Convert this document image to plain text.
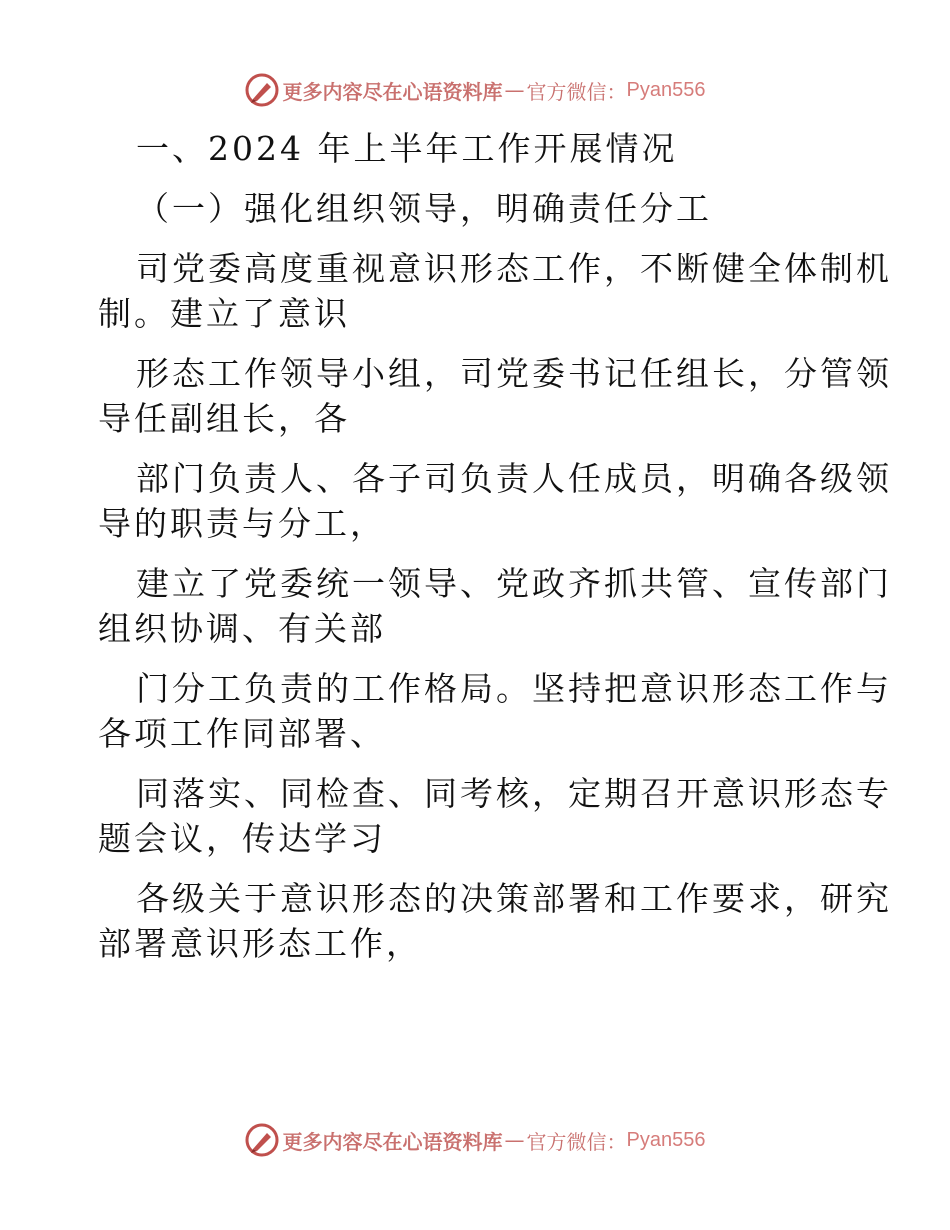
更多内容尽在心语资料库 — 官方微信： Pyan556
一、2024 年上半年工作开展情况
（一）强化组织领导，明确责任分工
司党委高度重视意识形态工作，不断健全体制机
制。建立了意识
形态工作领导小组，司党委书记任组长，分管领
导任副组长，各
部门负责人、各子司负责人任成员，明确各级领
导的职责与分工，
建立了党委统一领导、党政齐抓共管、宣传部门
组织协调、有关部
门分工负责的工作格局。坚持把意识形态工作与
各项工作同部署、
同落实、同检查、同考核，定期召开意识形态专
题会议，传达学习
各级关于意识形态的决策部署和工作要求，研究
部署意识形态工作，
更多内容尽在心语资料库 — 官方微信： Pyan556
